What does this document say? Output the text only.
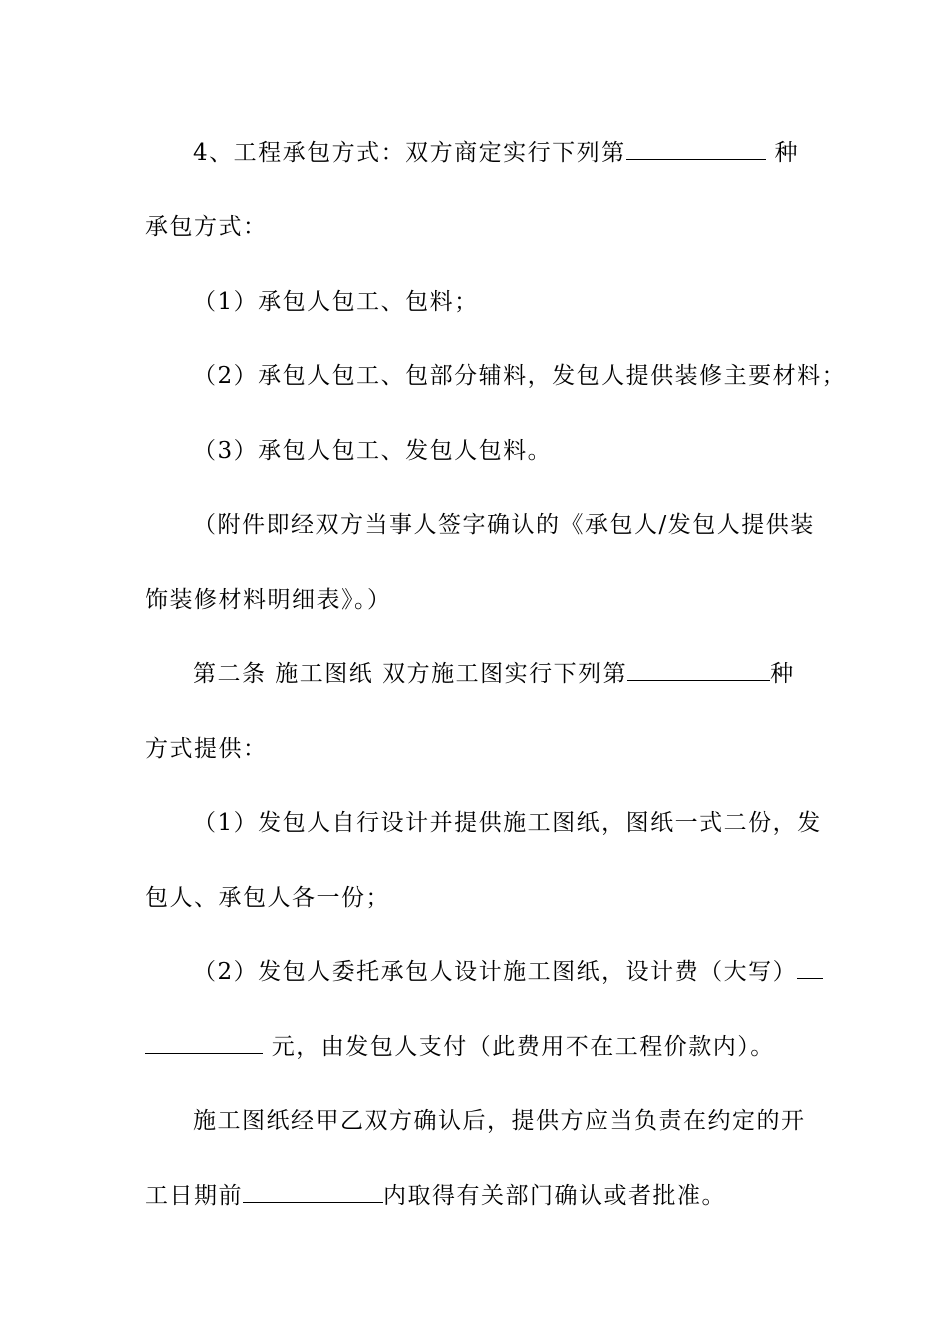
4、工程承包方式：双方商定实行下列第	种
承包方式：
（1）承包人包工、包料；
（2）承包人包工、包部分辅料，发包人提供装修主要材料；
（3）承包人包工、发包人包料。
（附件即经双方当事人签字确认的《承包人/发包人提供装
饰装修材料明细表》。）
第二条 施工图纸 双方施工图实行下列第	种
方式提供：
（1）发包人自行设计并提供施工图纸，图纸一式二份，发
包人、承包人各一份；
（2）发包人委托承包人设计施工图纸，设计费（大写）
元，由发包人支付（此费用不在工程价款内）。
施工图纸经甲乙双方确认后，提供方应当负责在约定的开
工日期前	内取得有关部门确认或者批准。
